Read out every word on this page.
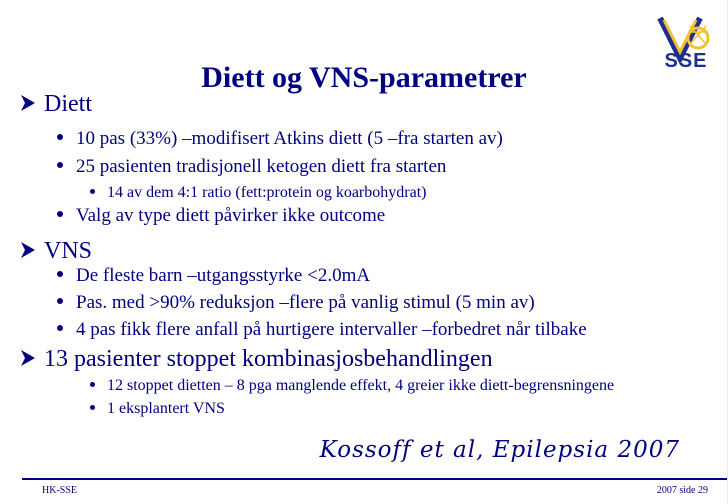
SSE
Diett og VNS-parametrer
Diett
10 pas (33%) –modifisert Atkins diett (5 –fra starten av)
25 pasienten tradisjonell ketogen diett fra starten
14 av dem 4:1 ratio (fett:protein og koarbohydrat)
Valg av type diett påvirker ikke outcome
VNS
De fleste barn –utgangsstyrke <2.0mA
Pas. med >90% reduksjon –flere på vanlig stimul (5 min av)
4 pas fikk flere anfall på hurtigere intervaller –forbedret når tilbake
13 pasienter stoppet kombinasjosbehandlingen
12 stoppet dietten – 8 pga manglende effekt, 4 greier ikke diett-begrensningene
1 eksplantert VNS
Kossoff et al, Epilepsia 2007
HK-SSE	2007 side 29
